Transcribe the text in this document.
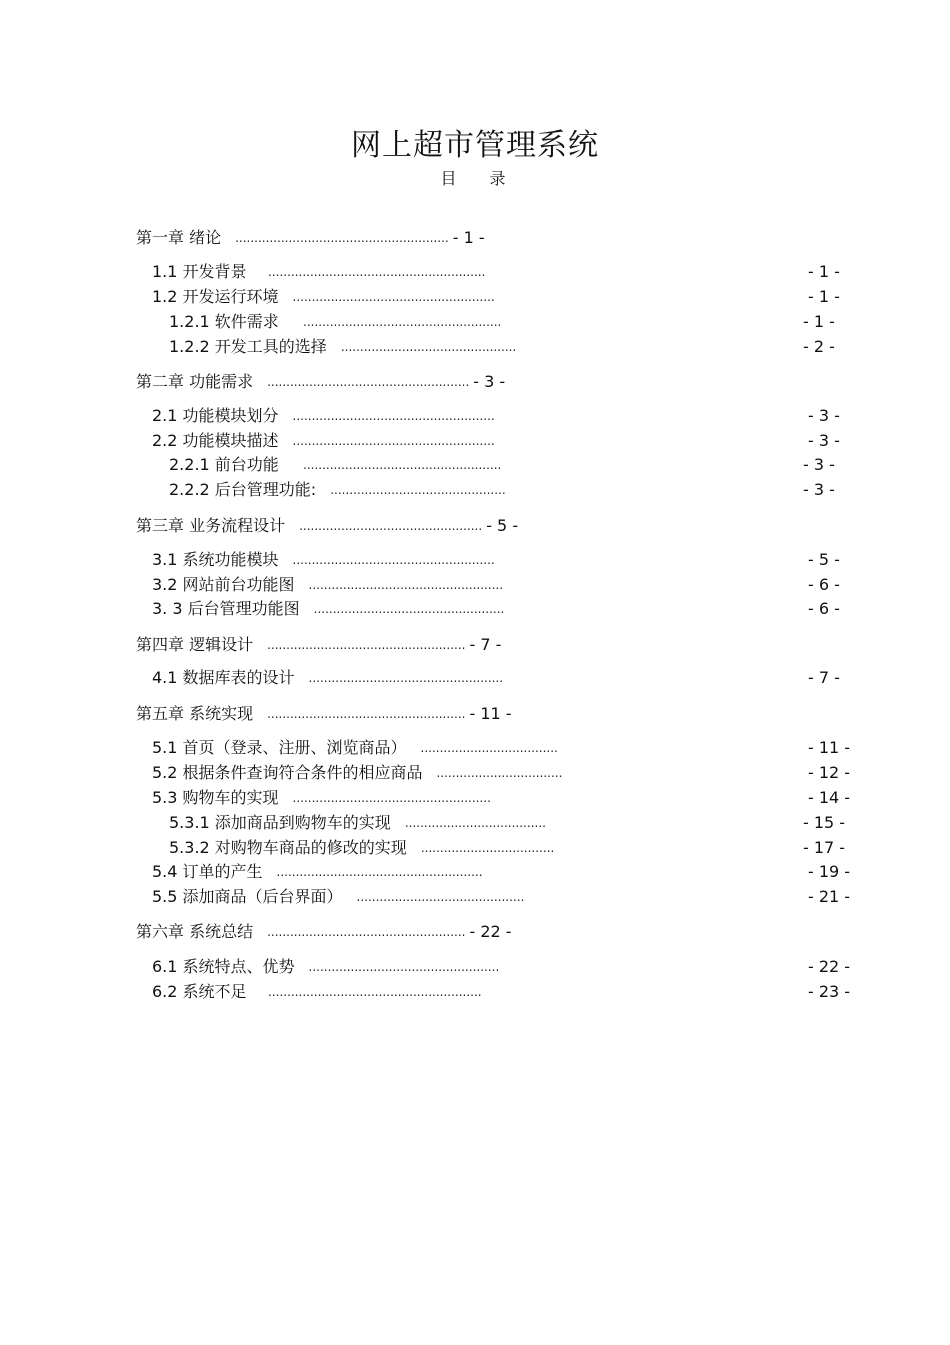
网上超市管理系统
目 录
第一章 绪论 ........................................................ - 1 -
1.1 开发背景 .........................................................	- 1 -
1.2 开发运行环境 .....................................................	- 1 -
1.2.1 软件需求 ....................................................	- 1 -
1.2.2 开发工具的选择 ..............................................	- 2 -
第二章 功能需求 ..................................................... - 3 -
2.1 功能模块划分 .....................................................	- 3 -
2.2 功能模块描述 .....................................................	- 3 -
2.2.1 前台功能 ....................................................	- 3 -
2.2.2 后台管理功能: ..............................................	- 3 -
第三章 业务流程设计 ................................................ - 5 -
3.1 系统功能模块 .....................................................	- 5 -
3.2 网站前台功能图 ...................................................	- 6 -
3. 3 后台管理功能图 ..................................................	- 6 -
第四章 逻辑设计 .................................................... - 7 -
4.1 数据库表的设计 ...................................................	- 7 -
第五章 系统实现 .................................................... - 11 -
5.1 首页（登录、注册、浏览商品） ....................................	- 11 -
5.2 根据条件查询符合条件的相应商品 .................................	- 12 -
5.3 购物车的实现 ....................................................	- 14 -
5.3.1 添加商品到购物车的实现 .....................................	- 15 -
5.3.2 对购物车商品的修改的实现 ...................................	- 17 -
5.4 订单的产生 ......................................................	- 19 -
5.5 添加商品（后台界面） ............................................	- 21 -
第六章 系统总结 .................................................... - 22 -
6.1 系统特点、优势 ..................................................	- 22 -
6.2 系统不足 ........................................................	- 23 -
